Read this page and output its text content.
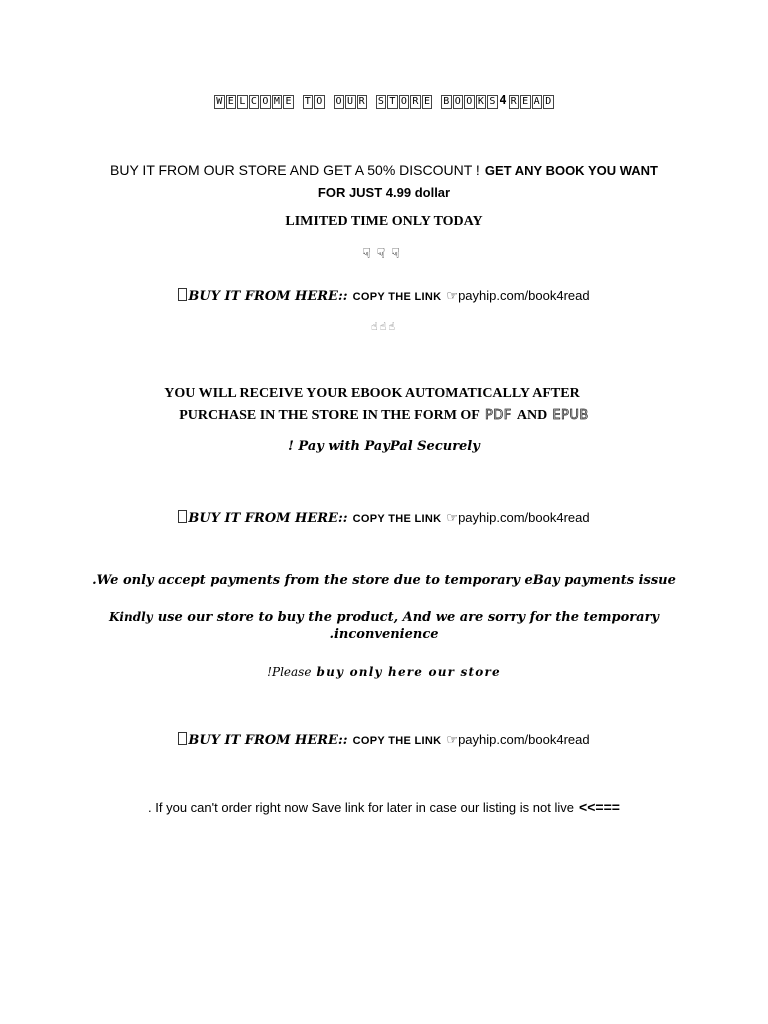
W E L C O M E T O O U R S T O R E B O O K S 4 R E A D
BUY IT FROM OUR STORE AND GET A 50% DISCOUNT ! GET ANY BOOK YOU WANT
FOR JUST 4.99 dollar
LIMITED TIME ONLY TODAY
☟☟☟
BUY IT FROM HERE:: COPY THE LINK ☞payhip.com/book4read
☝☝☝
YOU WILL RECEIVE YOUR EBOOK AUTOMATICALLY AFTER
PURCHASE IN THE STORE IN THE FORM OF PDF AND EPUB
! Pay with PayPal Securely
BUY IT FROM HERE:: COPY THE LINK ☞payhip.com/book4read
.We only accept payments from the store due to temporary eBay payments issue
Kindly use our store to buy the product, And we are sorry for the temporary
.inconvenience
!Please buy only here our store
BUY IT FROM HERE:: COPY THE LINK ☞payhip.com/book4read
. If you can't order right now Save link for later in case our listing is not live <<===
